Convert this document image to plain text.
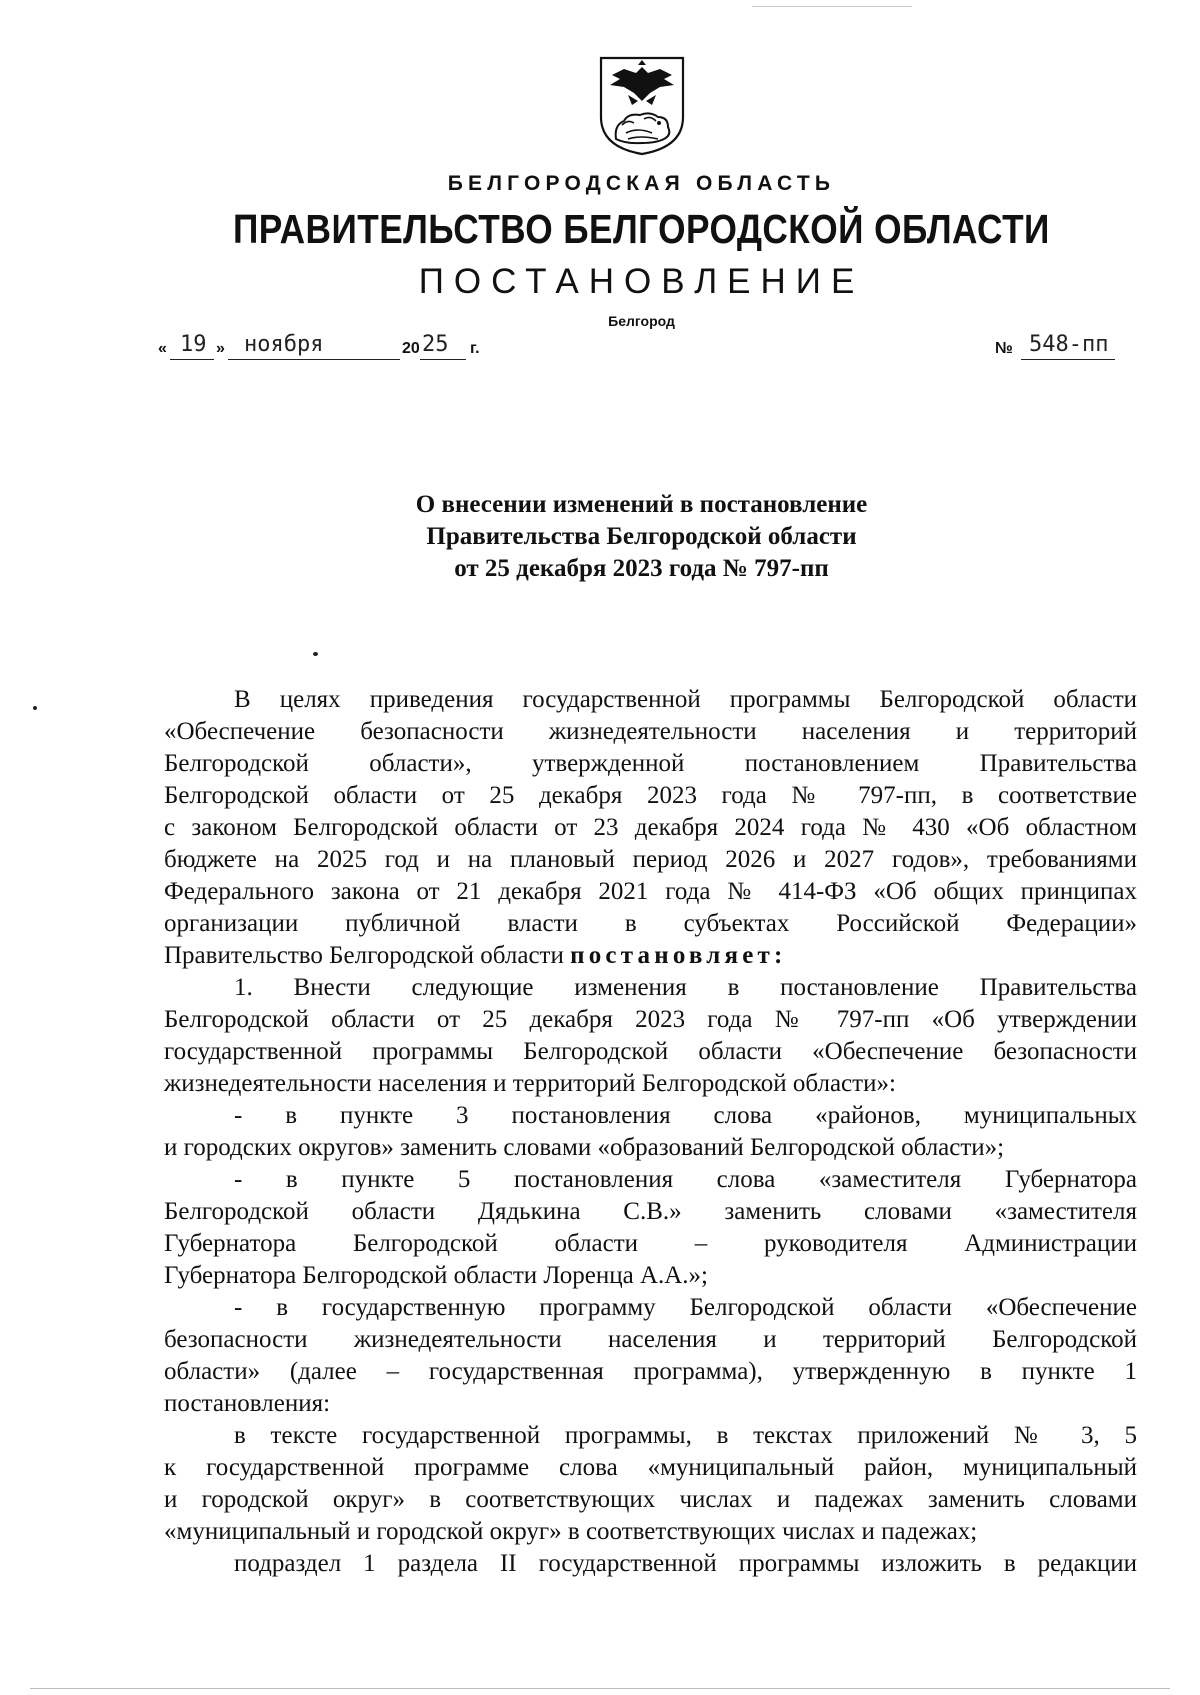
БЕЛГОРОДСКАЯ ОБЛАСТЬ
ПРАВИТЕЛЬСТВО БЕЛГОРОДСКОЙ ОБЛАСТИ
ПОСТАНОВЛЕНИЕ
Белгород
« 19 » ноября	20 25 г.	№ 548-пп
О внесении изменений в постановление
Правительства Белгородской области
от 25 декабря 2023 года № 797-пп
В целях приведения государственной программы Белгородской области
«Обеспечение безопасности жизнедеятельности населения и территорий
Белгородской области», утвержденной постановлением Правительства
Белгородской области от 25 декабря 2023 года № 797-пп, в соответствие
с законом Белгородской области от 23 декабря 2024 года № 430 «Об областном
бюджете на 2025 год и на плановый период 2026 и 2027 годов», требованиями
Федерального закона от 21 декабря 2021 года № 414-ФЗ «Об общих принципах
организации публичной власти в субъектах Российской Федерации»
Правительство Белгородской области постановляет:
1. Внести следующие изменения в постановление Правительства
Белгородской области от 25 декабря 2023 года № 797-пп «Об утверждении
государственной программы Белгородской области «Обеспечение безопасности
жизнедеятельности населения и территорий Белгородской области»:
- в пункте 3 постановления слова «районов, муниципальных
и городских округов» заменить словами «образований Белгородской области»;
- в пункте 5 постановления слова «заместителя Губернатора
Белгородской области Дядькина С.В.» заменить словами «заместителя
Губернатора Белгородской области – руководителя Администрации
Губернатора Белгородской области Лоренца А.А.»;
- в государственную программу Белгородской области «Обеспечение
безопасности жизнедеятельности населения и территорий Белгородской
области» (далее – государственная программа), утвержденную в пункте 1
постановления:
в тексте государственной программы, в текстах приложений № 3, 5
к государственной программе слова «муниципальный район, муниципальный
и городской округ» в соответствующих числах и падежах заменить словами
«муниципальный и городской округ» в соответствующих числах и падежах;
подраздел 1 раздела II государственной программы изложить в редакции
